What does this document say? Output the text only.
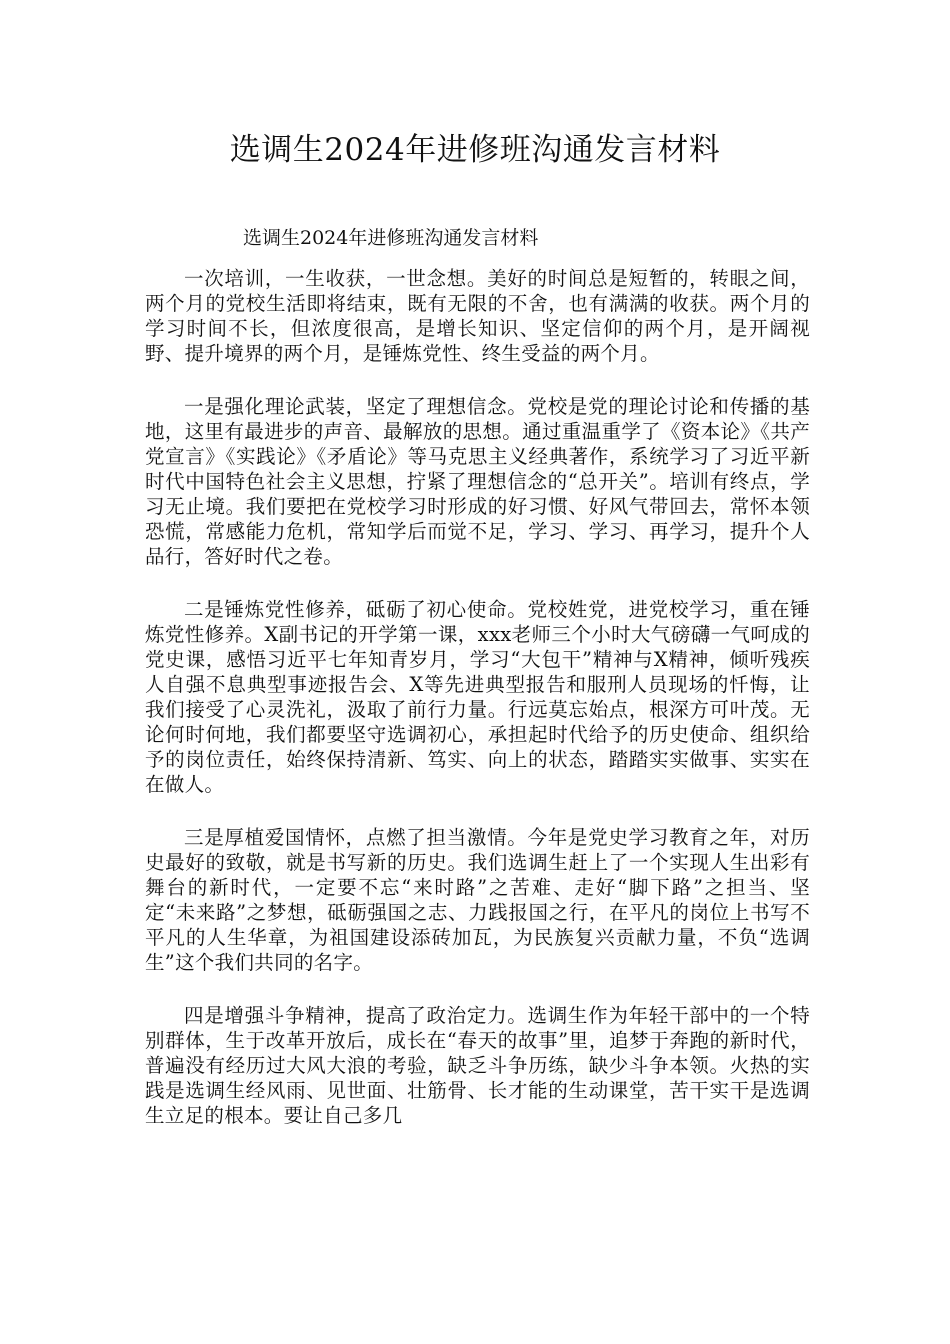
选调生2024年进修班沟通发言材料

选调生2024年进修班沟通发言材料

一次培训，一生收获，一世念想。美好的时间总是短暂的，转眼之间，两个月的党校生活即将结束，既有无限的不舍，也有满满的收获。两个月的学习时间不长，但浓度很高，是增长知识、坚定信仰的两个月，是开阔视野、提升境界的两个月，是锤炼党性、终生受益的两个月。

一是强化理论武装，坚定了理想信念。党校是党的理论讨论和传播的基地，这里有最进步的声音、最解放的思想。通过重温重学了《资本论》《共产党宣言》《实践论》《矛盾论》等马克思主义经典著作，系统学习了习近平新时代中国特色社会主义思想，拧紧了理想信念的“总开关”。培训有终点，学习无止境。我们要把在党校学习时形成的好习惯、好风气带回去，常怀本领恐慌，常感能力危机，常知学后而觉不足，学习、学习、再学习，提升个人品行，答好时代之卷。

二是锤炼党性修养，砥砺了初心使命。党校姓党，进党校学习，重在锤炼党性修养。X副书记的开学第一课，xxx老师三个小时大气磅礴一气呵成的党史课，感悟习近平七年知青岁月，学习“大包干”精神与X精神，倾听残疾人自强不息典型事迹报告会、X等先进典型报告和服刑人员现场的忏悔，让我们接受了心灵洗礼，汲取了前行力量。行远莫忘始点，根深方可叶茂。无论何时何地，我们都要坚守选调初心，承担起时代给予的历史使命、组织给予的岗位责任，始终保持清新、笃实、向上的状态，踏踏实实做事、实实在在做人。

三是厚植爱国情怀，点燃了担当激情。今年是党史学习教育之年，对历史最好的致敬，就是书写新的历史。我们选调生赶上了一个实现人生出彩有舞台的新时代，一定要不忘“来时路”之苦难、走好“脚下路”之担当、坚定“未来路”之梦想，砥砺强国之志、力践报国之行，在平凡的岗位上书写不平凡的人生华章，为祖国建设添砖加瓦，为民族复兴贡献力量，不负“选调生”这个我们共同的名字。

四是增强斗争精神，提高了政治定力。选调生作为年轻干部中的一个特别群体，生于改革开放后，成长在“春天的故事”里，追梦于奔跑的新时代，普遍没有经历过大风大浪的考验，缺乏斗争历练，缺少斗争本领。火热的实践是选调生经风雨、见世面、壮筋骨、长才能的生动课堂，苦干实干是选调生立足的根本。要让自己多几
